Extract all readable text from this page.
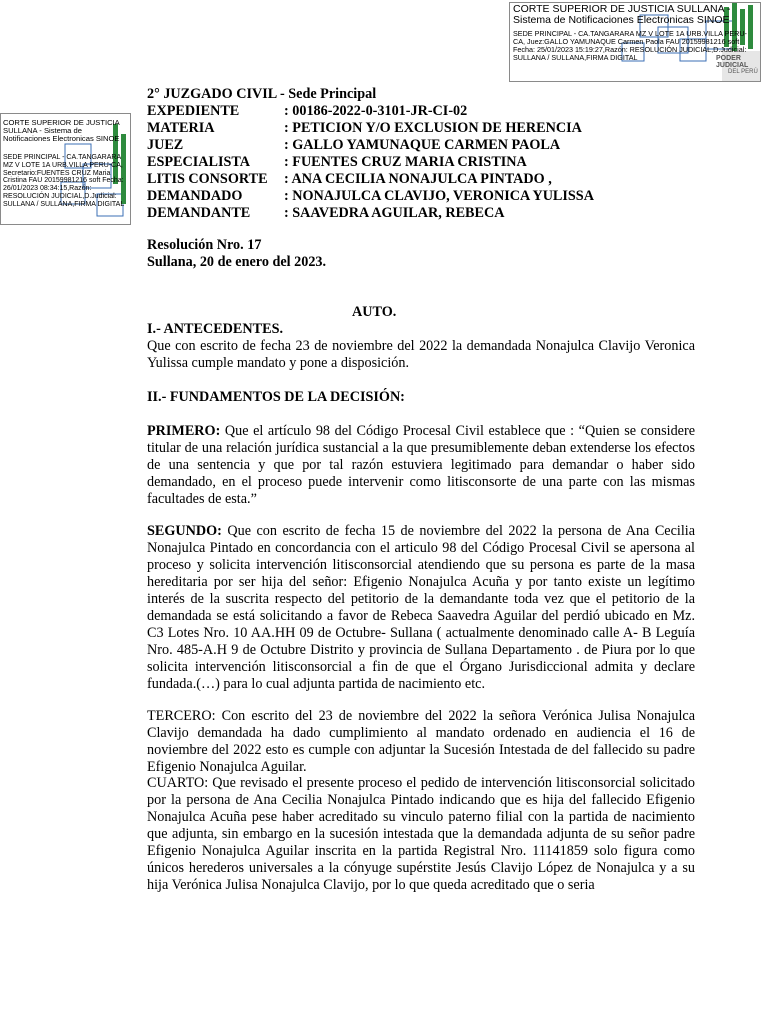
CORTE SUPERIOR DE JUSTICIA SULLANA -
Sistema de Notificaciones Electronicas SINOE
SEDE PRINCIPAL - CA.TANGARARA MZ V LOTE 1A URB.VILLA PERU-CA, Juez:GALLO YAMUNAQUE Carmen Paola FAU 20159981216 soft Fecha: 25/01/2023 15:19:27,Razón: RESOLUCIÓN JUDICIAL,D.Judicial: SULLANA / SULLANA,FIRMA DIGITAL	PODER JUDICIAL
DEL PERÚ
CORTE SUPERIOR DE JUSTICIA SULLANA - Sistema de Notificaciones Electronicas SINOE
SEDE PRINCIPAL - CA.TANGARARA MZ V LOTE 1A URB.VILLA PERU-CA, Secretario:FUENTES CRUZ Maria Cristina FAU 20159981216 soft Fecha: 26/01/2023 08:34:15,Razón: RESOLUCIÓN JUDICIAL,D.Judicial: SULLANA / SULLANA,FIRMA DIGITAL
2° JUZGADO CIVIL - Sede Principal
EXPEDIENTE	: 00186-2022-0-3101-JR-CI-02
MATERIA	: PETICION Y/O EXCLUSION DE HERENCIA
JUEZ	: GALLO YAMUNAQUE CARMEN PAOLA
ESPECIALISTA : FUENTES CRUZ MARIA CRISTINA
LITIS CONSORTE : ANA CECILIA NONAJULCA PINTADO ,
DEMANDADO	: NONAJULCA CLAVIJO, VERONICA YULISSA
DEMANDANTE : SAAVEDRA AGUILAR, REBECA
Resolución Nro. 17
Sullana, 20 de enero del 2023.
AUTO.
I.- ANTECEDENTES.

Que con escrito de fecha 23 de noviembre del 2022 la demandada Nonajulca Clavijo Veronica Yulissa cumple mandato y pone a disposición.

II.- FUNDAMENTOS DE LA DECISIÓN:

PRIMERO: Que el artículo 98 del Código Procesal Civil establece que : “Quien se considere titular de una relación jurídica sustancial a la que presumiblemente deban extenderse los efectos de una sentencia y que por tal razón estuviera legitimado para demandar o haber sido demandado, en el proceso puede intervenir como litisconsorte de una parte con las mismas facultades de esta.”

SEGUNDO: Que con escrito de fecha 15 de noviembre del 2022 la persona de Ana Cecilia Nonajulca Pintado en concordancia con el articulo 98 del Código Procesal Civil se apersona al proceso y solicita intervención litisconsorcial atendiendo que su persona es parte de la masa hereditaria por ser hija del señor: Efigenio Nonajulca Acuña y por tanto existe un legítimo interés de la suscrita respecto del petitorio de la demandante toda vez que el petitorio de la demandada se está solicitando a favor de Rebeca Saavedra Aguilar del perdió ubicado en Mz. C3 Lotes Nro. 10 AA.HH 09 de Octubre- Sullana ( actualmente denominado calle A- B Leguía Nro. 485-A.H 9 de Octubre Distrito y provincia de Sullana Departamento . de Piura por lo que solicita intervención litisconsorcial a fin de que el Órgano Jurisdiccional admita y declare fundada.(…) para lo cual adjunta partida de nacimiento etc.

TERCERO: Con escrito del 23 de noviembre del 2022 la señora Verónica Julisa Nonajulca Clavijo demandada ha dado cumplimiento al mandato ordenado en audiencia el 16 de noviembre del 2022 esto es cumple con adjuntar la Sucesión Intestada de del fallecido su padre Efigenio Nonajulca Aguilar.

CUARTO: Que revisado el presente proceso el pedido de intervención litisconsorcial solicitado por la persona de Ana Cecilia Nonajulca Pintado indicando que es hija del fallecido Efigenio Nonajulca Acuña pese haber acreditado su vinculo paterno filial con la partida de nacimiento que adjunta, sin embargo en la sucesión intestada que la demandada adjunta de su señor padre Efigenio Nonajulca Aguilar inscrita en la partida Registral Nro. 11141859 solo figura como únicos herederos universales a la cónyuge supérstite Jesús Clavijo López de Nonajulca y a su hija Verónica Julisa Nonajulca Clavijo, por lo que queda acreditado que o seria
